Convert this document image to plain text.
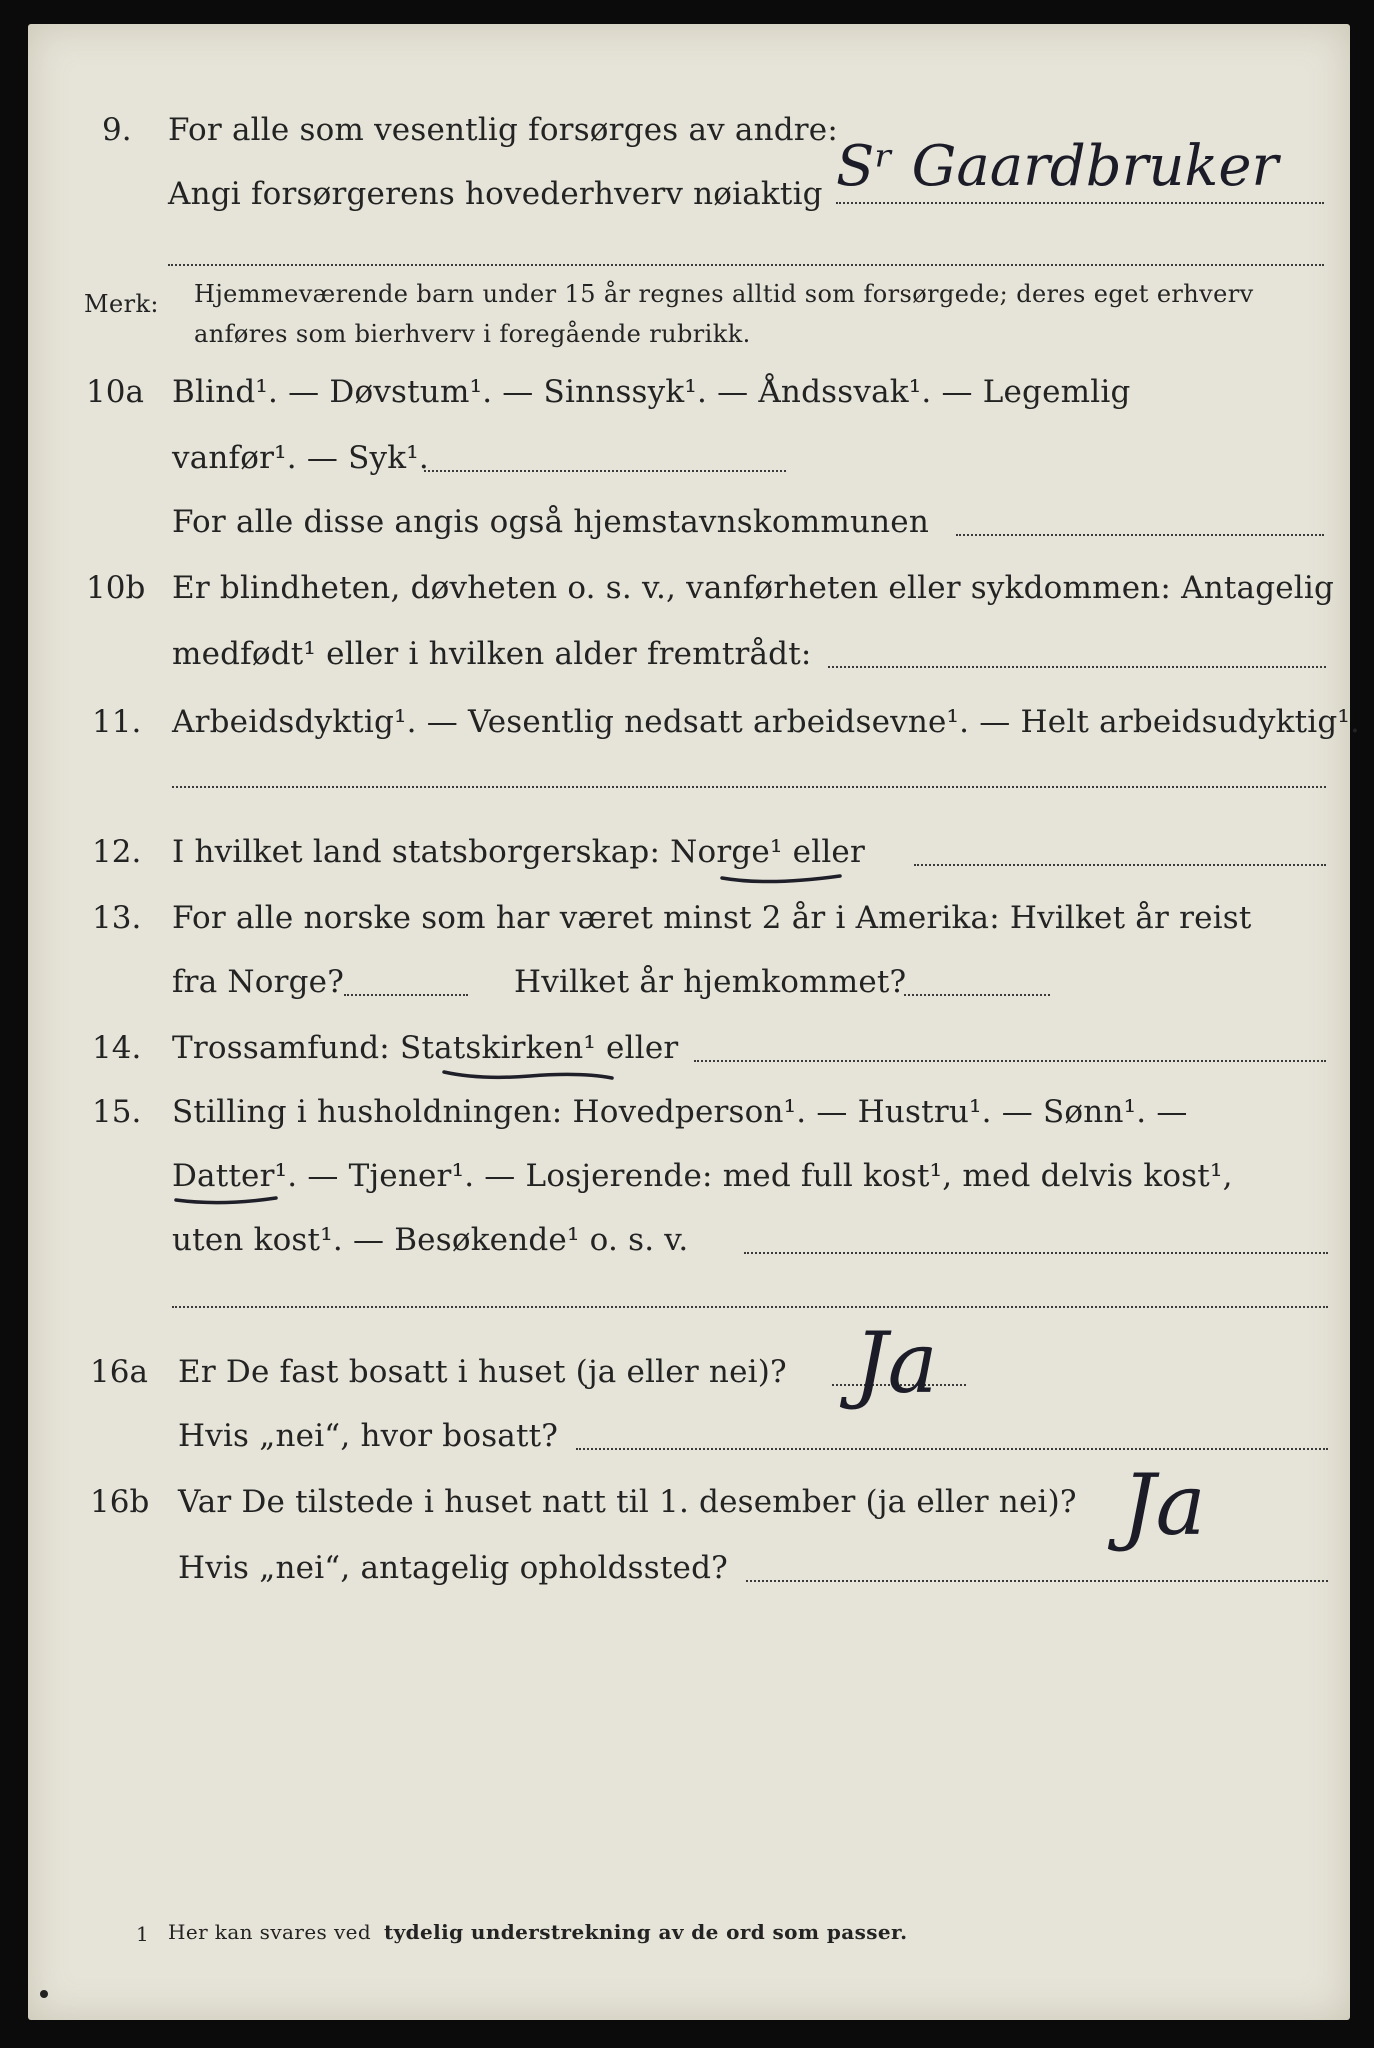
9. For alle som vesentlig forsørges av andre:
Angi forsørgerens hovederhverv nøiaktig Sʳ Gaardbruker
Merk: Hjemmeværende barn under 15 år regnes alltid som forsørgede; deres eget erhverv
anføres som bierhverv i foregående rubrikk.
10a Blind¹. — Døvstum¹. — Sinnssyk¹. — Åndssvak¹. — Legemlig
vanfør¹. — Syk¹.
For alle disse angis også hjemstavnskommunen
10b Er blindheten, døvheten o. s. v., vanførheten eller sykdommen: Antagelig
medfødt¹ eller i hvilken alder fremtrådt:
11. Arbeidsdyktig¹. — Vesentlig nedsatt arbeidsevne¹. — Helt arbeidsudyktig¹.
12. I hvilket land statsborgerskap: Norge¹ eller
13. For alle norske som har været minst 2 år i Amerika: Hvilket år reist
fra Norge?	Hvilket år hjemkommet?
14. Trossamfund: Statskirken¹ eller
15. Stilling i husholdningen: Hovedperson¹. — Hustru¹. — Sønn¹. —
Datter¹. — Tjener¹. — Losjerende: med full kost¹, med delvis kost¹,
uten kost¹. — Besøkende¹ o. s. v.
16a Er De fast bosatt i huset (ja eller nei)? Ja
Hvis „nei“, hvor bosatt?
16b Var De tilstede i huset natt til 1. desember (ja eller nei)? Ja
Hvis „nei“, antagelig opholdssted?
1 Her kan svares ved tydelig understrekning av de ord som passer.
